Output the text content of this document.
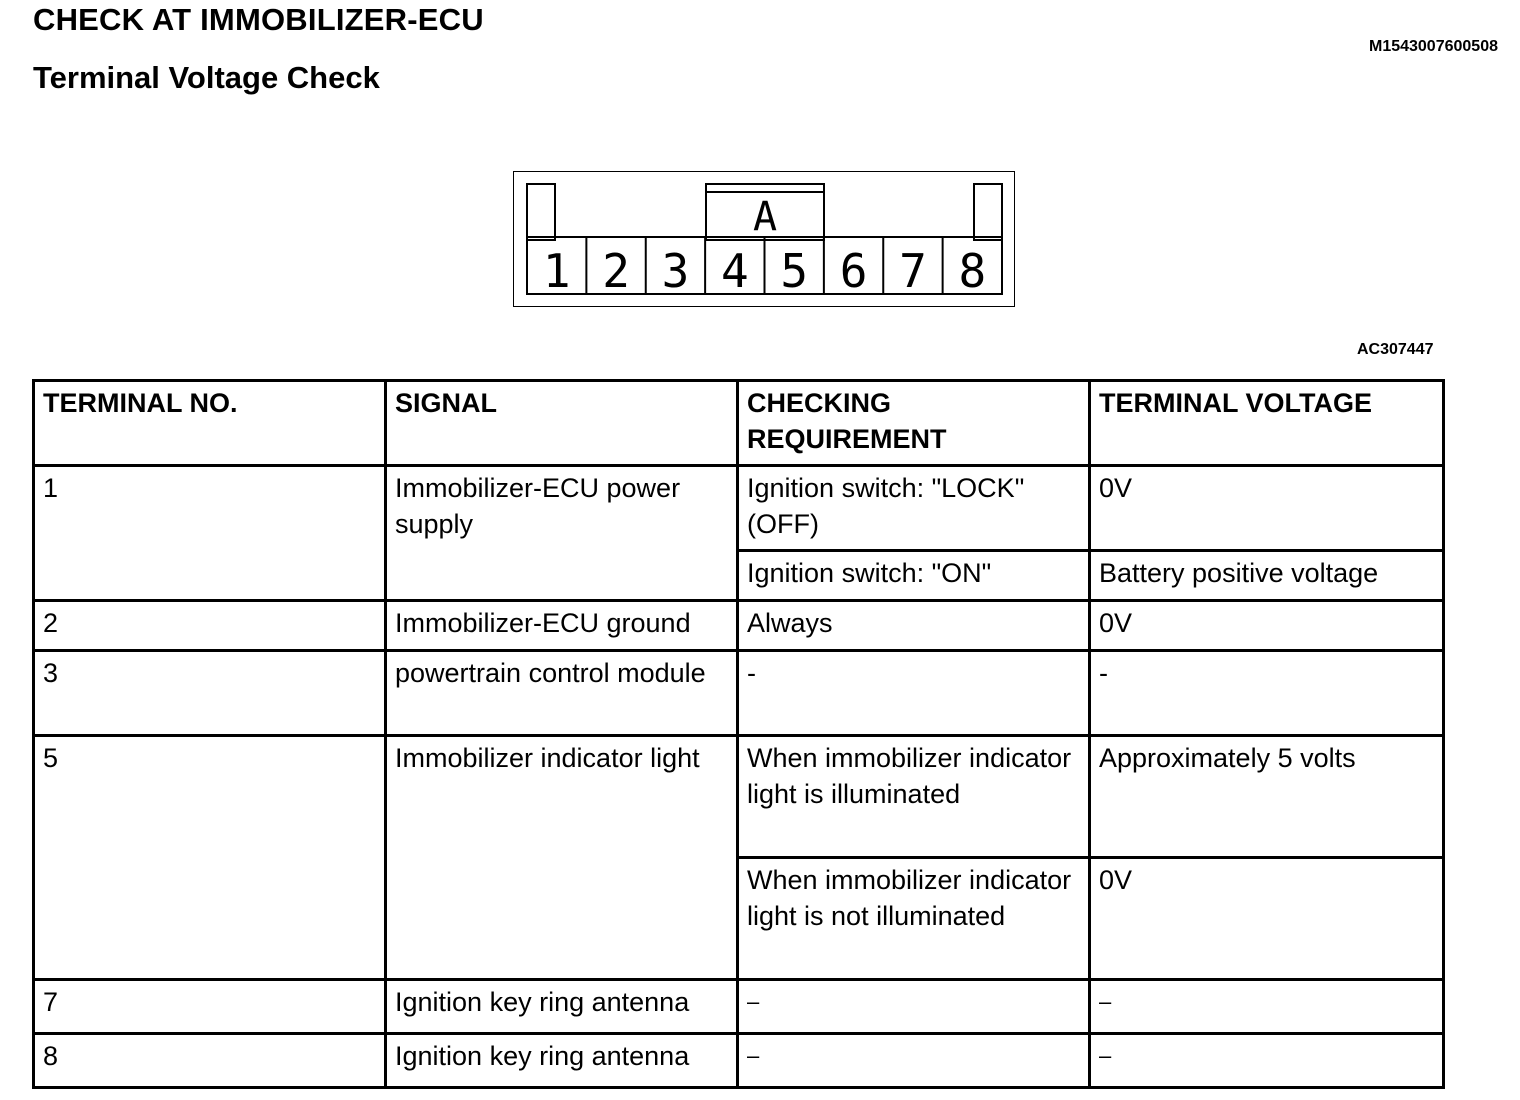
CHECK AT IMMOBILIZER-ECU
Terminal Voltage Check
M1543007600508
A
1 2 3 4 5 6 7 8
AC307447
TERMINAL NO.	SIGNAL	CHECKING REQUIREMENT	TERMINAL VOLTAGE
1	Immobilizer-ECU power supply	Ignition switch: "LOCK" (OFF)	0V
		Ignition switch: "ON"	Battery positive voltage
2	Immobilizer-ECU ground	Always	0V
3	powertrain control module	-	-
5	Immobilizer indicator light	When immobilizer indicator light is illuminated	Approximately 5 volts
		When immobilizer indicator light is not illuminated	0V
7	Ignition key ring antenna	–	–
8	Ignition key ring antenna	–	–
